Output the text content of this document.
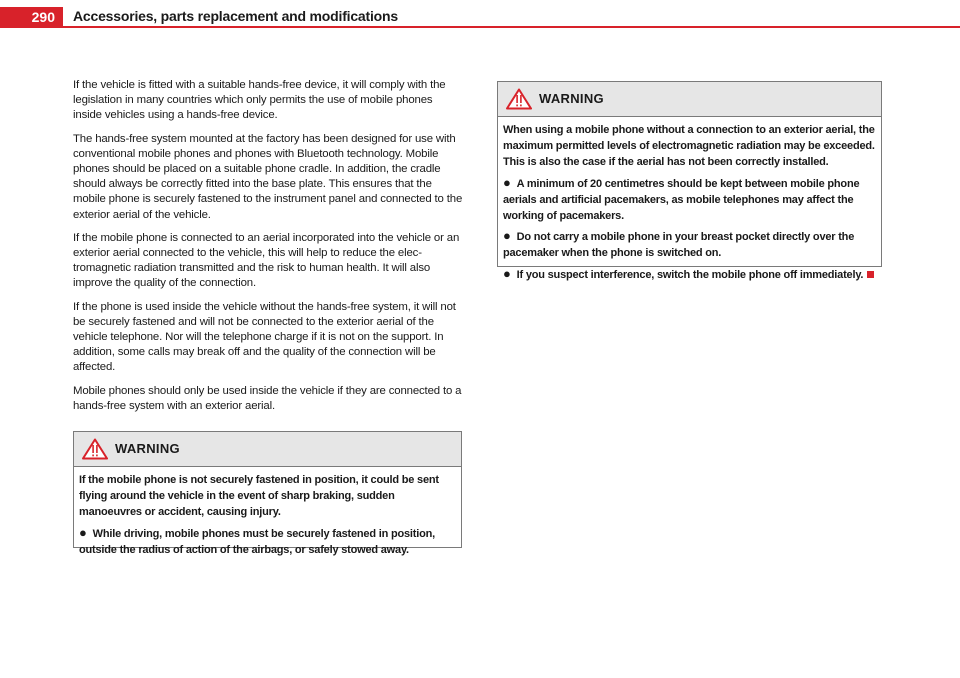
290	Accessories, parts replacement and modifications

If the vehicle is fitted with a suitable hands-free device, it will comply with the legislation in many countries which only permits the use of mobile phones inside vehicles using a hands-free device.

The hands-free system mounted at the factory has been designed for use with conventional mobile phones and phones with Bluetooth technology. Mobile phones should be placed on a suitable phone cradle. In addition, the cradle should always be correctly fitted into the base plate. This ensures that the mobile phone is securely fastened to the instrument panel and connected to the exterior aerial of the vehicle.

If the mobile phone is connected to an aerial incorporated into the vehicle or an exterior aerial connected to the vehicle, this will help to reduce the elec-tromagnetic radiation transmitted and the risk to human health. It will also improve the quality of the connection.

If the phone is used inside the vehicle without the hands-free system, it will not be securely fastened and will not be connected to the exterior aerial of the vehicle telephone. Nor will the telephone charge if it is not on the support. In addition, some calls may break off and the quality of the connection will be affected.

Mobile phones should only be used inside the vehicle if they are connected to a hands-free system with an exterior aerial.

WARNING

If the mobile phone is not securely fastened in position, it could be sent flying around the vehicle in the event of sharp braking, sudden manoeuvres or accident, causing injury.

● While driving, mobile phones must be securely fastened in position, outside the radius of action of the airbags, or safely stowed away.

WARNING

When using a mobile phone without a connection to an exterior aerial, the maximum permitted levels of electromagnetic radiation may be exceeded. This is also the case if the aerial has not been correctly installed.

● A minimum of 20 centimetres should be kept between mobile phone aerials and artificial pacemakers, as mobile telephones may affect the working of pacemakers.

● Do not carry a mobile phone in your breast pocket directly over the pacemaker when the phone is switched on.

● If you suspect interference, switch the mobile phone off immediately.
